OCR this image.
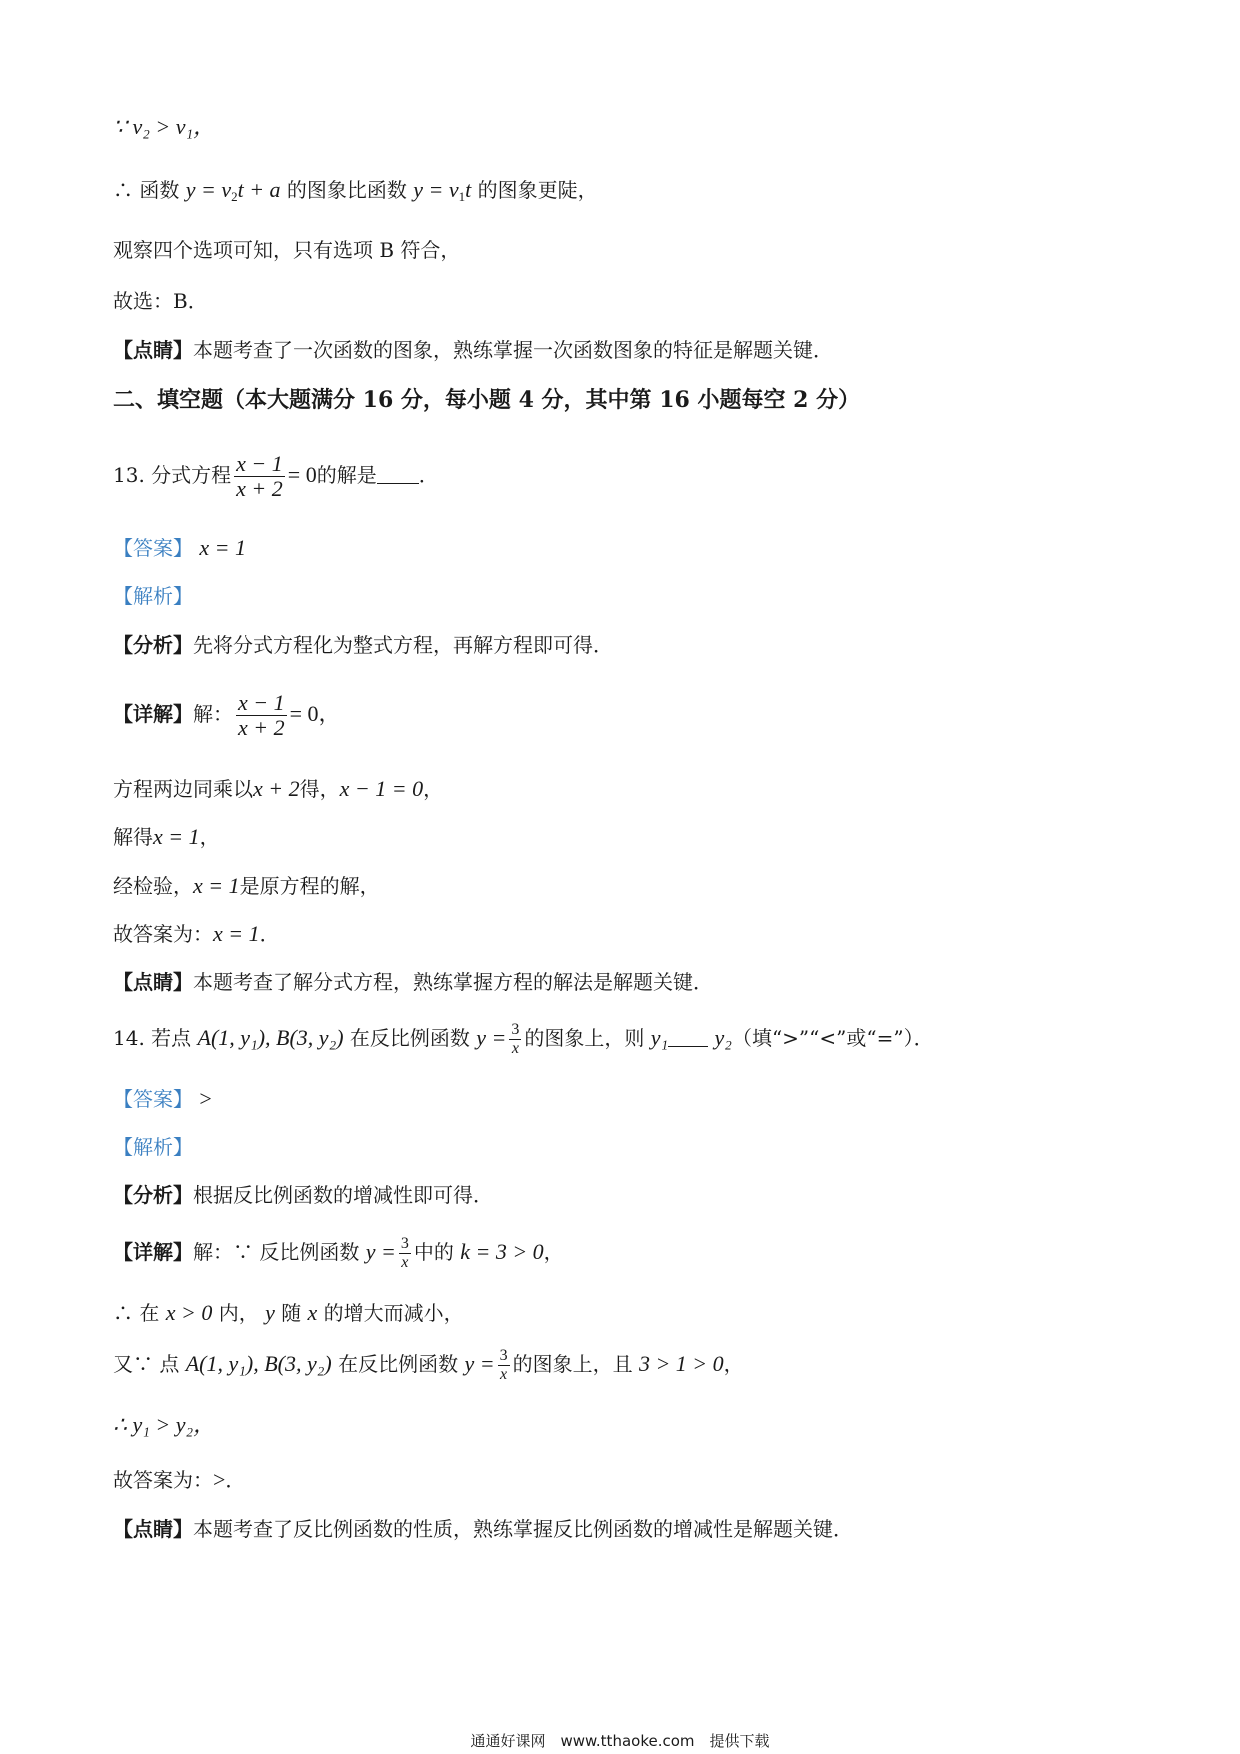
∵ v₂ > v₁，
∴ 函数 $y = v_2t + a$ 的图象比函数 $y = v_1t$ 的图象更陡，
观察四个选项可知，只有选项 B 符合，
故选：B．
【点睛】本题考查了一次函数的图象，熟练掌握一次函数图象的特征是解题关键．
二、填空题（本大题满分 16 分，每小题 4 分，其中第 16 小题每空 2 分）
13. 分式方程 $\frac{x - 1}{x + 2} = 0$的解是 ．
【答案】 x = 1
【解析】
【分析】先将分式方程化为整式方程，再解方程即可得．
【详解】解： $\frac{x - 1}{x + 2} = 0$，
方程两边同乘以x + 2得，x − 1 = 0，
解得x = 1，
经检验，x = 1是原方程的解，
故答案为：x = 1．
【点睛】本题考查了解分式方程，熟练掌握方程的解法是解题关键．
14. 若点 A(1, y₁), B(3, y₂) 在反比例函数 $y = \frac{3}{x}$ 的图象上，则 y₁ y₂（填“>”“<”或“=”）．
【答案】 >
【解析】
【分析】根据反比例函数的增减性即可得．
【详解】解：∵ 反比例函数 $y = \frac{3}{x}$ 中的 k = 3 > 0，
∴ 在 x > 0 内， y 随 x 的增大而减小，
又∵ 点 A(1, y₁), B(3, y₂) 在反比例函数 $y = \frac{3}{x}$ 的图象上，且 3 > 1 > 0，
∴ y₁ > y₂，
故答案为：>．
【点睛】本题考查了反比例函数的性质，熟练掌握反比例函数的增减性是解题关键．
通通好课网　www.tthaoke.com　提供下载
